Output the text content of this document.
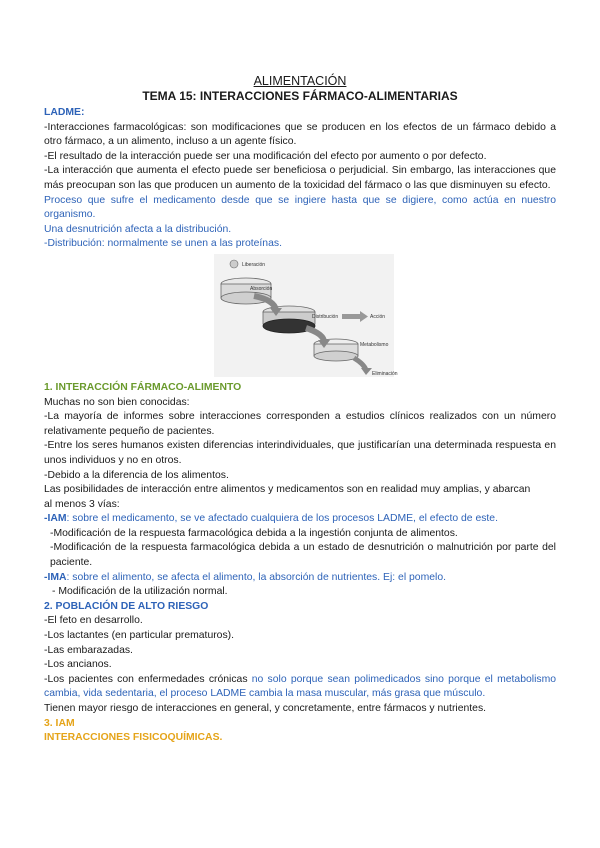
ALIMENTACIÓN
TEMA 15: INTERACCIONES FÁRMACO-ALIMENTARIAS

LADME:

-Interacciones farmacológicas: son modificaciones que se producen en los efectos de un fármaco debido a otro fármaco, a un alimento, incluso a un agente físico.

-El resultado de la interacción puede ser una modificación del efecto por aumento o por defecto.

-La interacción que aumenta el efecto puede ser beneficiosa o perjudicial. Sin embargo, las interacciones que más preocupan son las que producen un aumento de la toxicidad del fármaco o las que disminuyen su efecto.

Proceso que sufre el medicamento desde que se ingiere hasta que se digiere, como actúa en nuestro organismo.

Una desnutrición afecta a la distribución.

-Distribución: normalmente se unen a las proteínas.

Liberación
Absorción
Distribución	Acción
Metabolismo
Eliminación

1. INTERACCIÓN FÁRMACO-ALIMENTO

Muchas no son bien conocidas:

-La mayoría de informes sobre interacciones corresponden a estudios clínicos realizados con un número relativamente pequeño de pacientes.

-Entre los seres humanos existen diferencias interindividuales, que justificarían una determinada respuesta en unos individuos y no en otros.

-Debido a la diferencia de los alimentos.

Las posibilidades de interacción entre alimentos y medicamentos son en realidad muy amplias, y abarcan

al menos 3 vías:

-IAM: sobre el medicamento, se ve afectado cualquiera de los procesos LADME, el efecto de este.

-Modificación de la respuesta farmacológica debida a la ingestión conjunta de alimentos.

-Modificación de la respuesta farmacológica debida a un estado de desnutrición o malnutrición por parte del paciente.

-IMA: sobre el alimento, se afecta el alimento, la absorción de nutrientes. Ej: el pomelo.

- Modificación de la utilización normal.

2. POBLACIÓN DE ALTO RIESGO

-El feto en desarrollo.

-Los lactantes (en particular prematuros).

-Las embarazadas.

-Los ancianos.

-Los pacientes con enfermedades crónicas no solo porque sean polimedicados sino porque el metabolismo cambia, vida sedentaria, el proceso LADME cambia la masa muscular, más grasa que músculo.

Tienen mayor riesgo de interacciones en general, y concretamente, entre fármacos y nutrientes.

3. IAM

INTERACCIONES FISICOQUÍMICAS.
